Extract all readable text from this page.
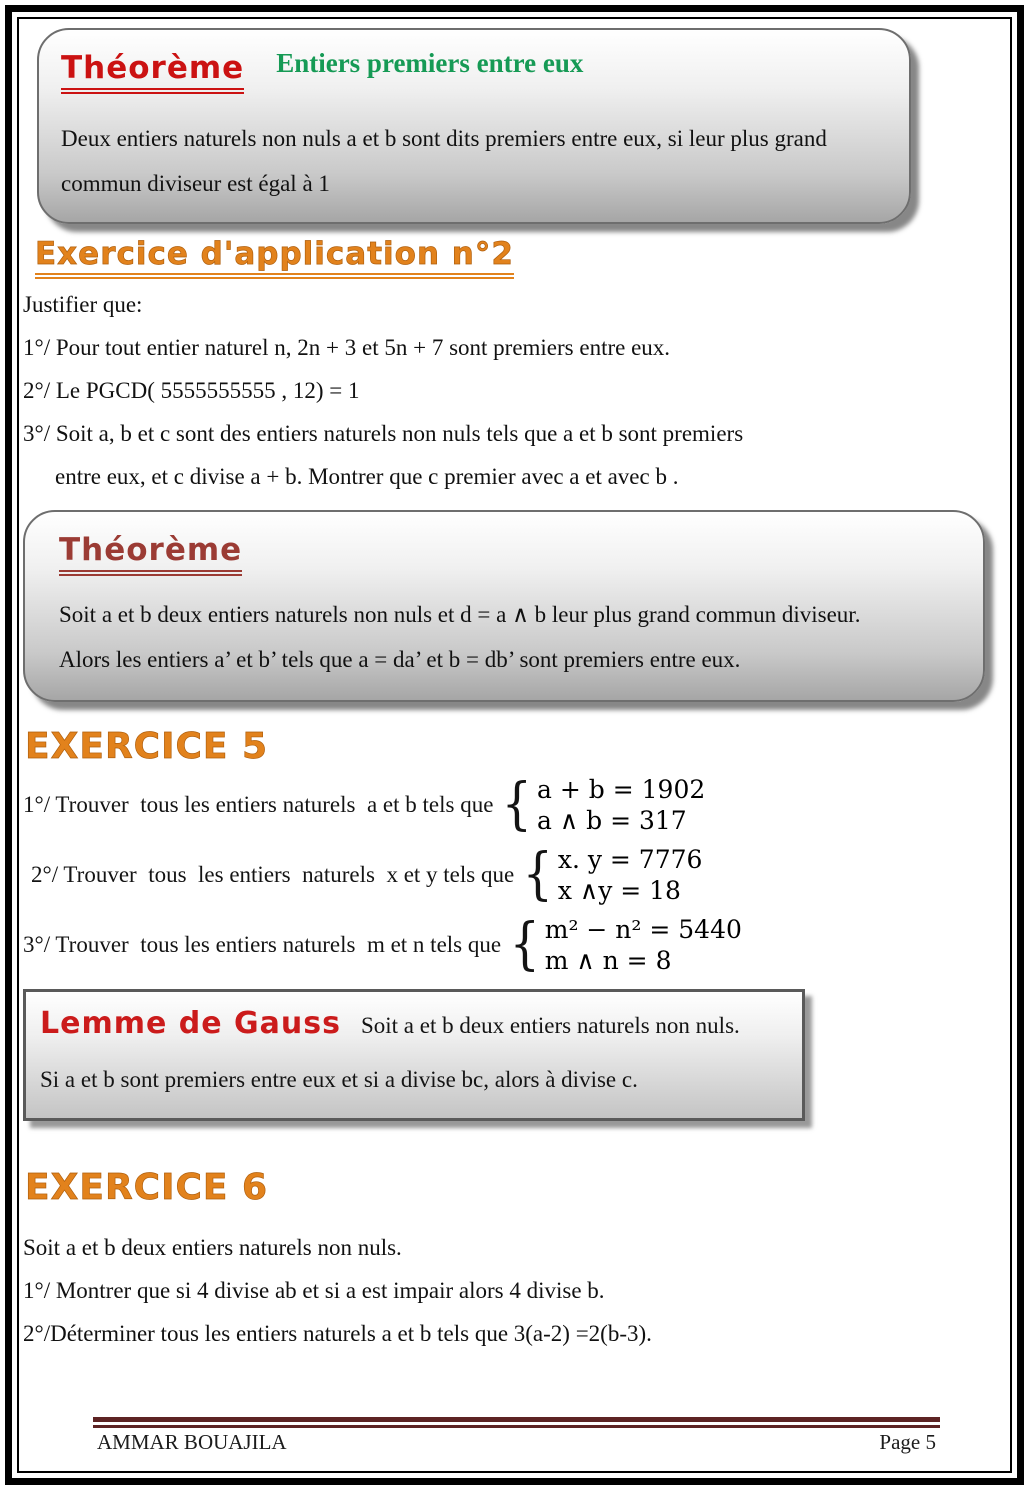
Théorème Entiers premiers entre eux
Deux entiers naturels non nuls a et b sont dits premiers entre eux, si leur plus grand commun diviseur est égal à 1
Exercice d'application n°2
Justifier que:
1°/ Pour tout entier naturel n, 2n + 3 et 5n + 7 sont premiers entre eux.
2°/ Le PGCD( 5555555555 , 12) = 1
3°/ Soit a, b et c sont des entiers naturels non nuls tels que a et b sont premiers
entre eux, et c divise a + b. Montrer que c premier avec a et avec b .
Théorème
Soit a et b deux entiers naturels non nuls et d = a ∧ b leur plus grand commun diviseur.
Alors les entiers a’ et b’ tels que a = da’ et b = db’ sont premiers entre eux.
EXERCICE 5
1°/ Trouver  tous les entiers naturels  a et b tels que { a + b = 1902
a ∧ b = 317
2°/ Trouver  tous  les entiers  naturels  x et y tels que { x. y = 7776
x ∧y = 18
3°/ Trouver  tous les entiers naturels  m et n tels que { m² − n² = 5440
m ∧ n = 8
Lemme de Gauss Soit a et b deux entiers naturels non nuls.
Si a et b sont premiers entre eux et si a divise bc, alors à divise c.
EXERCICE 6
Soit a et b deux entiers naturels non nuls.
1°/ Montrer que si 4 divise ab et si a est impair alors 4 divise b.
2°/Déterminer tous les entiers naturels a et b tels que 3(a-2) =2(b-3).
AMMAR BOUAJILA	Page 5
